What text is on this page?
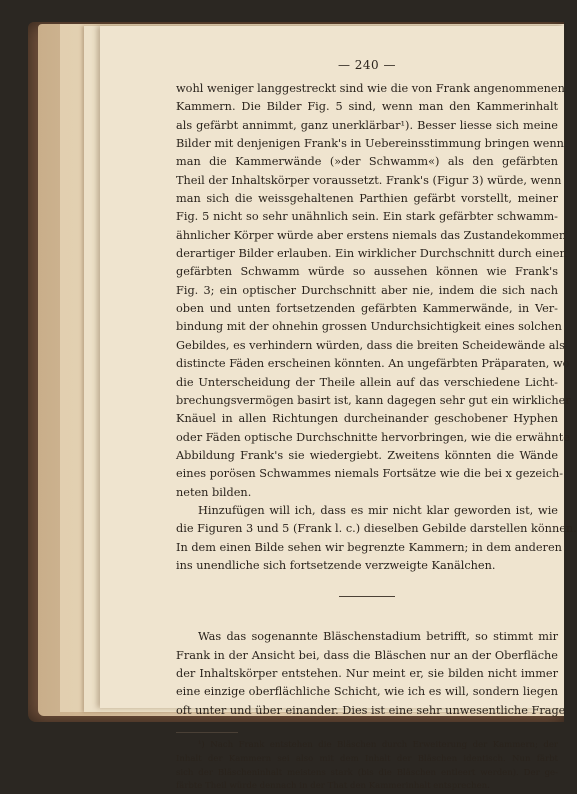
— 240 —

wohl weniger langgestreckt sind wie die von Frank angenommenen

Kammern. Die Bilder Fig. 5 sind, wenn man den Kammerinhalt

als gefärbt annimmt, ganz unerklärbar¹). Besser liesse sich meine

Bilder mit denjenigen Frank's in Uebereinsstimmung bringen wenn

man die Kammerwände (»der Schwamm«) als den gefärbten

Theil der Inhaltskörper voraussetzt. Frank's (Figur 3) würde, wenn

man sich die weissgehaltenen Parthien gefärbt vorstellt, meiner

Fig. 5 nicht so sehr unähnlich sein. Ein stark gefärbter schwamm-

ähnlicher Körper würde aber erstens niemals das Zustandekommen

derartiger Bilder erlauben. Ein wirklicher Durchschnitt durch einen

gefärbten Schwamm würde so aussehen können wie Frank's

Fig. 3; ein optischer Durchschnitt aber nie, indem die sich nach

oben und unten fortsetzenden gefärbten Kammerwände, in Ver-

bindung mit der ohnehin grossen Undurchsichtigkeit eines solchen

Gebildes, es verhindern würden, dass die breiten Scheidewände als

distincte Fäden erscheinen könnten. An ungefärbten Präparaten, wo

die Unterscheidung der Theile allein auf das verschiedene Licht-

brechungsvermögen basirt ist, kann dagegen sehr gut ein wirklicher

Knäuel in allen Richtungen durcheinander geschobener Hyphen

oder Fäden optische Durchschnitte hervorbringen, wie die erwähnte

Abbildung Frank's sie wiedergiebt. Zweitens könnten die Wände

eines porösen Schwammes niemals Fortsätze wie die bei x gezeich-

neten bilden.

Hinzufügen will ich, dass es mir nicht klar geworden ist, wie

die Figuren 3 und 5 (Frank l. c.) dieselben Gebilde darstellen können.

In dem einen Bilde sehen wir begrenzte Kammern; in dem anderen

ins unendliche sich fortsetzende verzweigte Kanälchen.

Was das sogenannte Bläschenstadium betrifft, so stimmt mir

Frank in der Ansicht bei, dass die Bläschen nur an der Oberfläche

der Inhaltskörper entstehen. Nur meint er, sie bilden nicht immer

eine einzige oberflächliche Schicht, wie ich es will, sondern liegen

oft unter und über einander. Dies ist eine sehr unwesentliche Frage

¹) Nach Frank entstehen die Bläschen durch Erweiterung der Kammern; der

Inhalt der Kammern sei also mit dem Inhalt der Bläschen identisch. Nun färbt

sich der Bläscheninhalt meistens stark (bis die Bläschen entleert werden). Der ge-

färbte Theil würde dennach in der That den Kammerinhalt entsprechen.
